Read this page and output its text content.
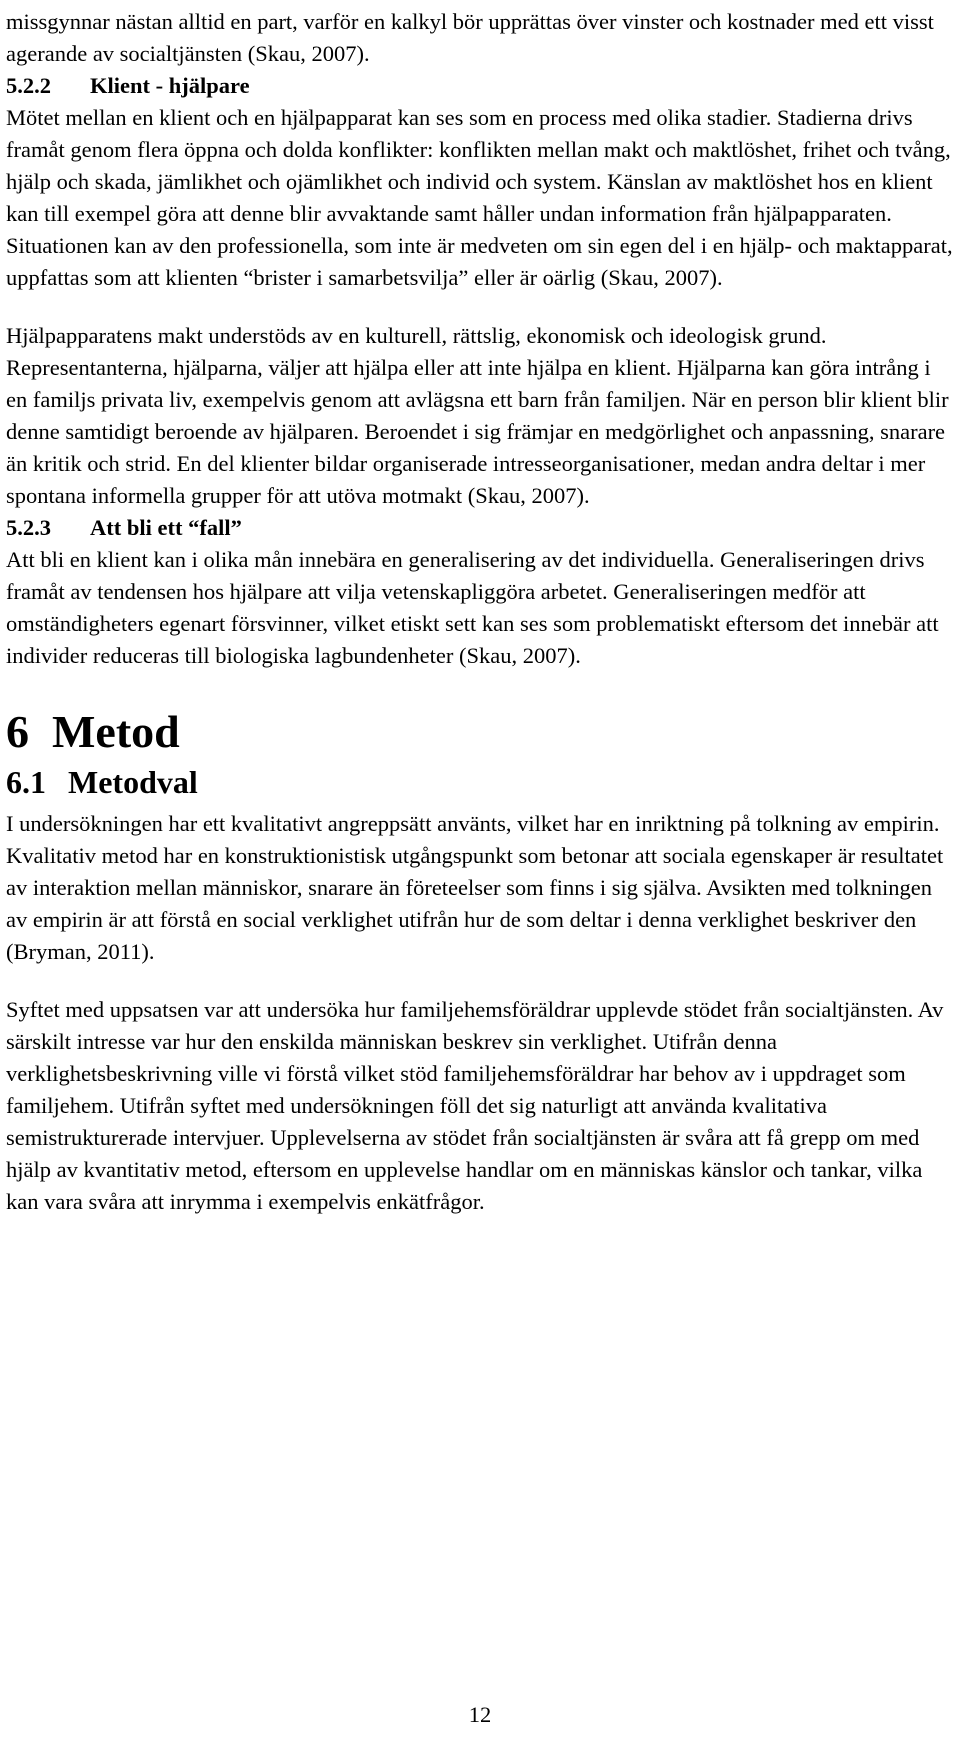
missgynnar nästan alltid en part, varför en kalkyl bör upprättas över vinster och kostnader med ett visst agerande av socialtjänsten (Skau, 2007).

5.2.2 Klient - hjälpare

Mötet mellan en klient och en hjälpapparat kan ses som en process med olika stadier. Stadierna drivs framåt genom flera öppna och dolda konflikter: konflikten mellan makt och maktlöshet, frihet och tvång, hjälp och skada, jämlikhet och ojämlikhet och individ och system. Känslan av maktlöshet hos en klient kan till exempel göra att denne blir avvaktande samt håller undan information från hjälpapparaten. Situationen kan av den professionella, som inte är medveten om sin egen del i en hjälp- och maktapparat, uppfattas som att klienten “brister i samarbetsvilja” eller är oärlig (Skau, 2007).

Hjälpapparatens makt understöds av en kulturell, rättslig, ekonomisk och ideologisk grund. Representanterna, hjälparna, väljer att hjälpa eller att inte hjälpa en klient. Hjälparna kan göra intrång i en familjs privata liv, exempelvis genom att avlägsna ett barn från familjen. När en person blir klient blir denne samtidigt beroende av hjälparen. Beroendet i sig främjar en medgörlighet och anpassning, snarare än kritik och strid. En del klienter bildar organiserade intresseorganisationer, medan andra deltar i mer spontana informella grupper för att utöva motmakt (Skau, 2007).

5.2.3 Att bli ett “fall”

Att bli en klient kan i olika mån innebära en generalisering av det individuella. Generaliseringen drivs framåt av tendensen hos hjälpare att vilja vetenskapliggöra arbetet. Generaliseringen medför att omständigheters egenart försvinner, vilket etiskt sett kan ses som problematiskt eftersom det innebär att individer reduceras till biologiska lagbundenheter (Skau, 2007).

6 Metod
6.1 Metodval

I undersökningen har ett kvalitativt angreppsätt använts, vilket har en inriktning på tolkning av empirin. Kvalitativ metod har en konstruktionistisk utgångspunkt som betonar att sociala egenskaper är resultatet av interaktion mellan människor, snarare än företeelser som finns i sig själva. Avsikten med tolkningen av empirin är att förstå en social verklighet utifrån hur de som deltar i denna verklighet beskriver den (Bryman, 2011).

Syftet med uppsatsen var att undersöka hur familjehemsföräldrar upplevde stödet från socialtjänsten. Av särskilt intresse var hur den enskilda människan beskrev sin verklighet. Utifrån denna verklighetsbeskrivning ville vi förstå vilket stöd familjehemsföräldrar har behov av i uppdraget som familjehem. Utifrån syftet med undersökningen föll det sig naturligt att använda kvalitativa semistrukturerade intervjuer. Upplevelserna av stödet från socialtjänsten är svåra att få grepp om med hjälp av kvantitativ metod, eftersom en upplevelse handlar om en människas känslor och tankar, vilka kan vara svåra att inrymma i exempelvis enkätfrågor.

12
